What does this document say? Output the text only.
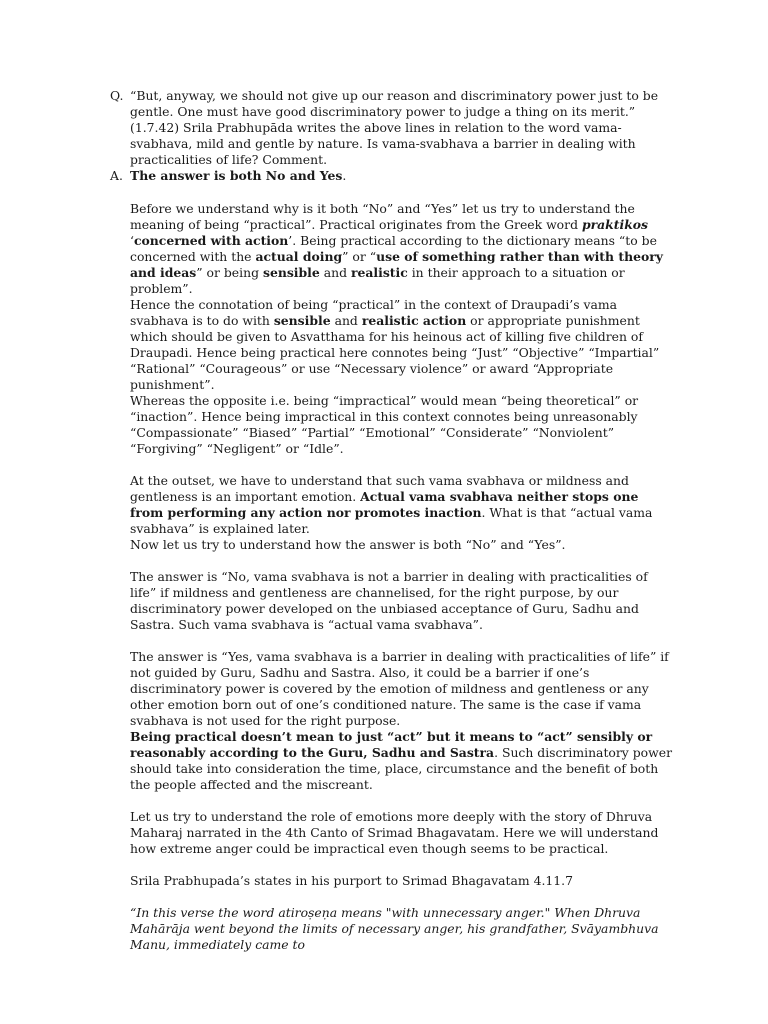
Q. “But, anyway, we should not give up our reason and discriminatory power just to be gentle. One must have good discriminatory power to judge a thing on its merit.” (1.7.42) Srila Prabhupāda writes the above lines in relation to the word vama-svabhava, mild and gentle by nature. Is vama-svabhava a barrier in dealing with practicalities of life? Comment.
A. The answer is both No and Yes.
Before we understand why is it both “No” and “Yes” let us try to understand the meaning of being “practical”. Practical originates from the Greek word praktikos ‘concerned with action’. Being practical according to the dictionary means “to be concerned with the actual doing” or “use of something rather than with theory and ideas” or being sensible and realistic in their approach to a situation or problem”.
Hence the connotation of being “practical” in the context of Draupadi’s vama svabhava is to do with sensible and realistic action or appropriate punishment which should be given to Asvatthama for his heinous act of killing five children of Draupadi. Hence being practical here connotes being “Just” “Objective” “Impartial” “Rational” “Courageous” or use “Necessary violence” or award “Appropriate punishment”.
Whereas the opposite i.e. being “impractical” would mean “being theoretical” or “inaction”. Hence being impractical in this context connotes being unreasonably “Compassionate” “Biased” “Partial” “Emotional” “Considerate” “Nonviolent” “Forgiving” “Negligent” or “Idle”.
At the outset, we have to understand that such vama svabhava or mildness and gentleness is an important emotion. Actual vama svabhava neither stops one from performing any action nor promotes inaction. What is that “actual vama svabhava” is explained later.
Now let us try to understand how the answer is both “No” and “Yes”.
The answer is “No, vama svabhava is not a barrier in dealing with practicalities of life” if mildness and gentleness are channelised, for the right purpose, by our discriminatory power developed on the unbiased acceptance of Guru, Sadhu and Sastra. Such vama svabhava is “actual vama svabhava”.
The answer is “Yes, vama svabhava is a barrier in dealing with practicalities of life” if not guided by Guru, Sadhu and Sastra. Also, it could be a barrier if one’s discriminatory power is covered by the emotion of mildness and gentleness or any other emotion born out of one’s conditioned nature. The same is the case if vama svabhava is not used for the right purpose.
Being practical doesn’t mean to just “act” but it means to “act” sensibly or reasonably according to the Guru, Sadhu and Sastra. Such discriminatory power should take into consideration the time, place, circumstance and the benefit of both the people affected and the miscreant.
Let us try to understand the role of emotions more deeply with the story of Dhruva Maharaj narrated in the 4th Canto of Srimad Bhagavatam. Here we will understand how extreme anger could be impractical even though seems to be practical.
Srila Prabhupada’s states in his purport to Srimad Bhagavatam 4.11.7
“In this verse the word atiroṣeṇa means "with unnecessary anger." When Dhruva Mahārāja went beyond the limits of necessary anger, his grandfather, Svāyambhuva Manu, immediately came to
